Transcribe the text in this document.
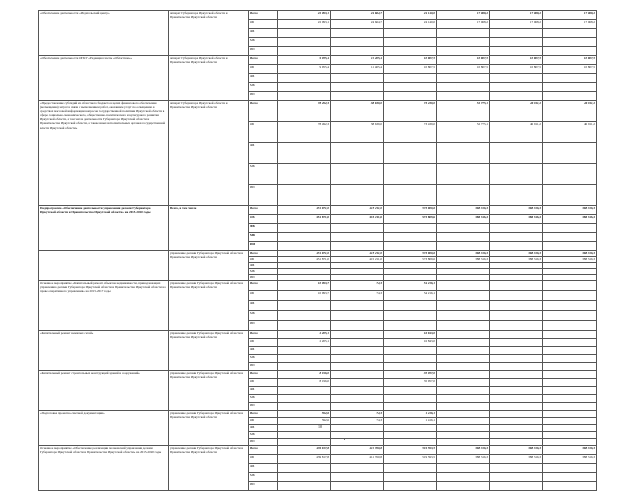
«Обеспечение деятельности «Издательский центр»	аппарат Губернатора Иркутской области и Правительства Иркутской области	Всего	22 093,1	24 664,7	24 140,0	17 068,2	17 068,2	17 068,2
		ОБ	22 093,1	24 664,7	24 140,0	17 068,2	17 068,2	17 068,2
		ФБ						
		МБ						
		ИИ						
«Обеспечение деятельности ОГКУ «Редакция газеты «Областная»»	аппарат Губернатора Иркутской области и Правительства Иркутской области	Всего	9 955,4	11 405,4	10 807,5	10 807,5	10 807,5	10 807,5
		ОБ	9 955,4	11 405,4	10 807,5	10 807,5	10 807,5	10 807,5
		ФБ						
		МБ						
		ИИ						
«Предоставление субсидий из областного бюджета в целях финансового обеспечения (возмещения) затрат в связи с выполнением работ, оказанием услуг по освещению в средствах массовой информации вопросов государственной политики Иркутской области в сфере социально-экономического, общественно-политического и культурного развития Иркутской области, а том числе деятельности Губернатора Иркутской области и Правительства Иркутской области, а также иных исполнительных органов государственной власти Иркутской области»	аппарат Губернатора Иркутской области и Правительства Иркутской области	Всего	78 492,3	38 639,0	73 439,0	52 775,1	46 911,2	46 911,2
		ОБ	78 492,3	38 639,0	73 439,0	52 775,1	46 911,2	46 911,2
		ФБ						
		МБ						
		ИИ						
Подпрограмма «Обеспечение деятельности управления делами Губернатора Иркутской области и Правительства Иркутской области» на 2015-2020 годы	Всего, в том числе	Всего	451 871,0	415 211,0	573 809,6	388 316,3	388 316,3	388 316,3
		ОБ	451 871,0	415 211,0	573 809,6	388 316,3	388 316,3	388 316,3
		ФБ						
		МБ						
		ИИ						
	управление делами Губернатора Иркутской области и Правительства Иркутской области	Всего	451 871,0	415 211,0	573 809,6	388 316,3	388 316,3	388 316,3
		ОБ	451 871,0	415 211,0	573 809,6	388 316,3	388 316,3	388 316,3
		ФБ						
		МБ						
		ИИ						
Основное мероприятие «Капитальный ремонт объектов недвижимости, принадлежащих управлению делами Губернатора Иркутской области и Правительства Иркутской области на праве оперативного управления» на 2015-2017 годы	управление делами Губернатора Иркутской области и Правительства Иркутской области	Всего	10 993,7	74,3	54 216,1			
		ОБ	10 993,7	74,3	54 216,1			
		ФБ						
		МБ						
		ИИ						
«Капитальный ремонт нежилых сетей»	управление делами Губернатора Иркутской области и Правительства Иркутской области	Всего	2 205,1		16 843,0			
		ОБ	2 205,1		16 843,0			
		ФБ						
		МБ						
		ИИ						
«Капитальный ремонт строительных конструкций зданий и сооружений»	управление делами Губернатора Иркутской области и Правительства Иркутской области	Всего	8 196,0		35 957,0			
		ОБ	8 196,0		35 957,0			
		ФБ						
		МБ						
		ИИ						
«Подготовка проектно-сметной документации»	управление делами Губернатора Иркутской области и Правительства Иркутской области	Всего	592,6	74,3	1 416,1			
		ОБ	592,6	74,3	1 416,1			
		ФБ						
		МБ						
		ИИ						
Основное мероприятие «Обеспечение реализации полномочий управления делами Губернатора Иркутской области и Правительства Иркутской области» на 2015-2020 годы	управление делами Губернатора Иркутской области и Правительства Иркутской области	Всего	439 817,8	411 760,8	519 593,5	388 316,3	388 316,3	388 316,3
		ОБ	439 817,8	411 760,8	519 593,5	388 316,3	388 316,3	388 316,3
		ФБ						
		МБ						
		ИИ						
10
